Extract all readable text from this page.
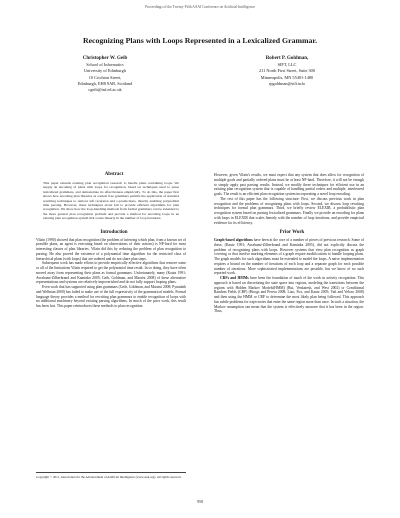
Proceedings of the Twenty-Fifth AAAI Conference on Artificial Intelligence
Recognizing Plans with Loops Represented in a Lexicalized Grammar.
Christopher W. Geib
School of Informatics
University of Edinburgh
10 Crichton Street,
Edinburgh, EH8 9AB, Scotland
cgeib@inf.ed.ac.uk
Robert P. Goldman,
SIFT, LLC
211 North First Street, Suite 300
Minneapolis, MN 55401-1480
rpgoldman@sift.info

Abstract

This paper extends existing plan recognition research to handle plans containing loops. We supply an encoding of plans with loops for recognition, based on techniques used to parse lexicalized grammars, and demonstrate its effectiveness empirically. To do this, the paper first shows how encoding plan libraries as context free grammars permits the application of standard rewriting techniques to remove left recursion and ε-productions, thereby enabling polynomial time parsing. However, these techniques alone fail to provide efficient algorithms for plan recognition. We show how the loop-handling methods from formal grammars can be extended to the more general plan recognition problem and provide a method for encoding loops in an existing plan recognition system that scales linearly in the number of loop iterations.

Introduction

Vilain (1990) showed that plan recognition (the problem of inferring which plan, from a known set of possible plans, an agent is executing based on observations of their actions) is NP-hard for most interesting classes of plan libraries. Vilain did this by reducing the problem of plan recognition to parsing. He also proved the existence of a polynomial time algorithm for the restricted class of hierarchical plans (with loops) that are ordered and do not share plan steps.

Subsequent work has made efforts to provide empirically effective algorithms that remove some or all of the limitations Vilain required to get the polynomial time result. In so doing, they have often moved away from representing their plans as formal grammars. Unfortunately, many (Kautz 1991; Avrahami-Zilberbrand and Kaminka 2005; Geib, Goldman, and Maraist 2008) of these alternative representations and systems are relatively impoverished and do not fully support looping plans.

Even work that has supported using plan grammars (Geib, Goldman, and Maraist 2008; Pynadath and Wellman 2000) has failed to make use of the full expressivity of the grammatical models. Formal language theory provides a method for rewriting plan grammars to enable recognition of loops with no additional machinery beyond existing parsing algorithms. In much of the prior work, this result has been lost. This paper reintroduces these methods to plan recognition.

Copyright © 2011, Association for the Advancement of Artificial Intelligence (www.aaai.org). All rights reserved.

However, given Vilain's results, we must expect that any system that does allow for recognition of multiple goals and partially ordered plans must be at least NP-hard. Therefore, it will not be enough to simply apply past parsing results. Instead, we modify these techniques for efficient use in an existing plan recognition system that is capable of handling partial orders and multiple, interleaved goals. The result is an efficient plan recognition system incorporating a novel loop encoding.

The rest of this paper has the following structure: First, we discuss previous work in plan recognition and the problems of recognizing plans with loops. Second, we discuss loop rewriting techniques for formal plan grammars. Third, we briefly review ELEXIR, a probabilistic plan recognition system based on parsing lexicalized grammars. Finally we provide an encoding for plans with loops in ELEXIR that scales linearly with the number of loop iterations, and provide empirical evidence for its efficiency.

Prior Work

Graph-based algorithms have been at the core of a number of pieces of previous research. Some of these, (Kautz 1991; Avrahami-Zilberbrand and Kaminka 2005), did not explicitly discuss the problem of recognizing plans with loops. However systems that view plan recognition as graph covering or that involve marking elements of a graph require modifications to handle looping plans. The graph models for such algorithms must be extended to model the loops. A naive implementation requires a bound on the number of iterations of each loop and a separate graph for each possible number of iterations. More sophisticated implementations are possible, but we know of no such reported work.

CRFs and HMMs have been the foundation of much of the work in activity recognition. This approach is based on discretizing the state space into regions, modeling the transitions between the regions with Hidden Markov Models(HMM) (Bui, Venkatesh, and West 2002) or Conditional Random Fields (CRF) (Hoogs and Perera 2008; Liao, Fox, and Kautz 2005; Vail and Veloso 2008) and then using the HMM or CRF to determine the most likely plan being followed. This approach has subtle problems for trajectories that enter the same region more than once. In such a situation, the Markov assumption can mean that the system is effectively unaware that it has been in the region. Thus,

958
